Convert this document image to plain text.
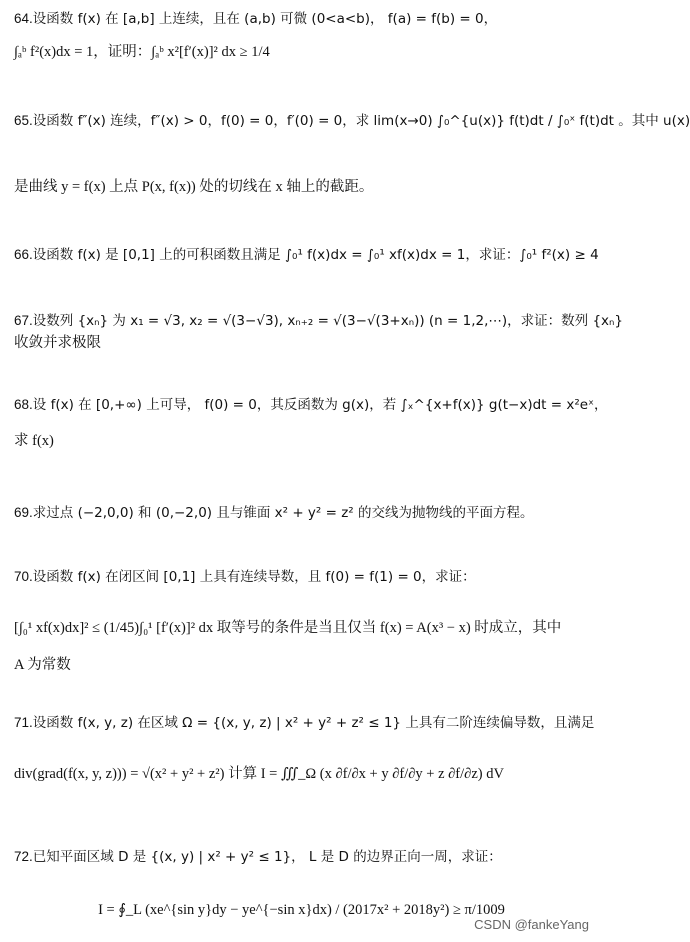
64.设函数 f(x) 在 [a,b] 上连续，且在 (a,b) 可微 (0<a<b)， f(a) = f(b) = 0，
∫ₐᵇ f²(x)dx = 1，证明：∫ₐᵇ x²[f′(x)]² dx ≥ 1/4
65.设函数 f″(x) 连续，f″(x) > 0，f(0) = 0，f′(0) = 0，求 lim(x→0) ∫₀^{u(x)} f(t)dt / ∫₀ˣ f(t)dt 。其中 u(x)
是曲线 y = f(x) 上点 P(x, f(x)) 处的切线在 x 轴上的截距。
66.设函数 f(x) 是 [0,1] 上的可积函数且满足 ∫₀¹ f(x)dx = ∫₀¹ xf(x)dx = 1，求证：∫₀¹ f²(x) ≥ 4
67.设数列 {xₙ} 为 x₁ = √3, x₂ = √(3−√3), xₙ₊₂ = √(3−√(3+xₙ)) (n = 1,2,⋯)，求证：数列 {xₙ}
收敛并求极限
68.设 f(x) 在 [0,+∞) 上可导， f(0) = 0，其反函数为 g(x)，若 ∫ₓ^{x+f(x)} g(t−x)dt = x²eˣ，
求 f(x)
69.求过点 (−2,0,0) 和 (0,−2,0) 且与锥面 x² + y² = z² 的交线为抛物线的平面方程。
70.设函数 f(x) 在闭区间 [0,1] 上具有连续导数，且 f(0) = f(1) = 0，求证：
[∫₀¹ xf(x)dx]² ≤ (1/45)∫₀¹ [f′(x)]² dx 取等号的条件是当且仅当 f(x) = A(x³ − x) 时成立，其中
A 为常数
71.设函数 f(x, y, z) 在区域 Ω = {(x, y, z) | x² + y² + z² ≤ 1} 上具有二阶连续偏导数，且满足
div(grad(f(x, y, z))) = √(x² + y² + z²) 计算 I = ∭_Ω (x ∂f/∂x + y ∂f/∂y + z ∂f/∂z) dV
72.已知平面区域 D 是 {(x, y) | x² + y² ≤ 1}， L 是 D 的边界正向一周，求证：
I = ∮_L (xe^{sin y}dy − ye^{−sin x}dx) / (2017x² + 2018y²) ≥ π/1009
CSDN @fankeYang
